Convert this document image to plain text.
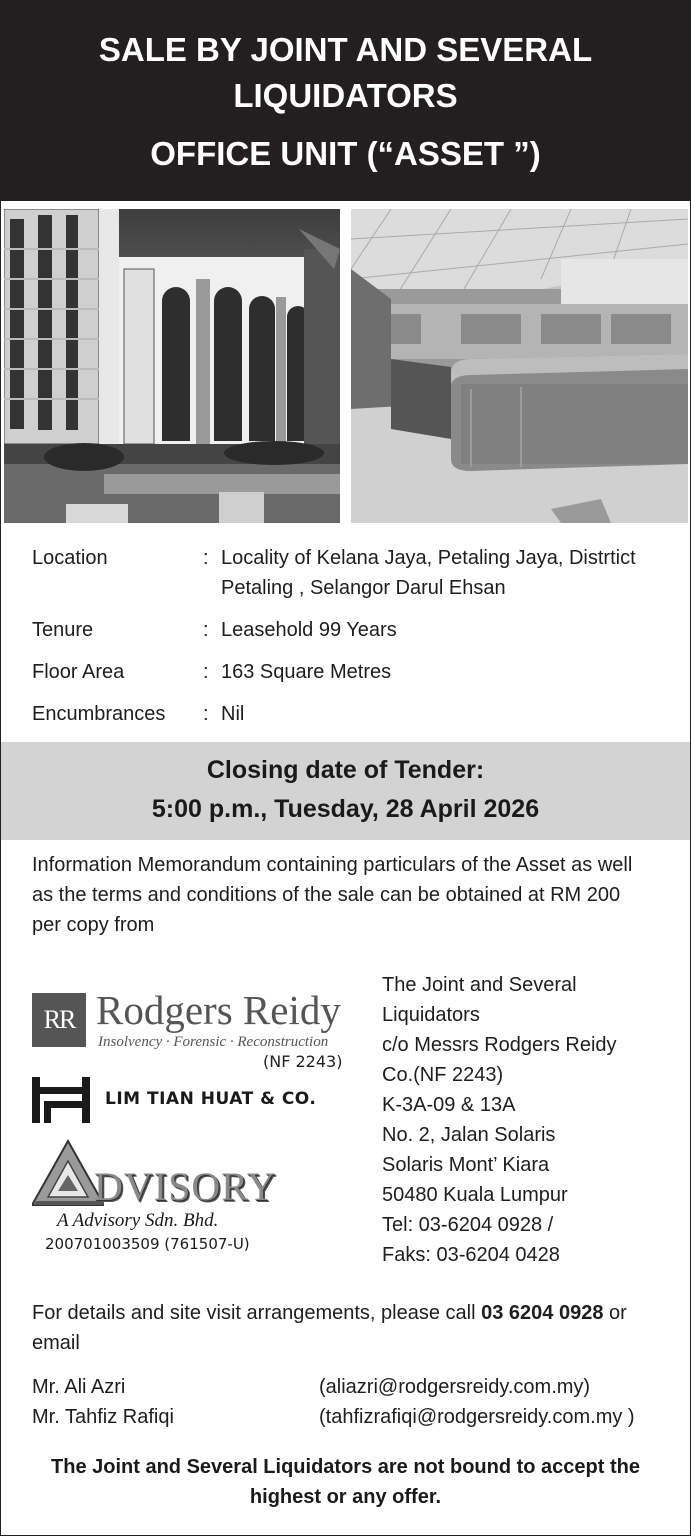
SALE BY JOINT AND SEVERAL
LIQUIDATORS
OFFICE UNIT (“ASSET ”)
Location	: Locality of Kelana Jaya, Petaling Jaya, Distrtict
Petaling , Selangor Darul Ehsan
Tenure	: Leasehold 99 Years
Floor Area	: 163 Square Metres
Encumbrances : Nil
Closing date of Tender:
5:00 p.m., Tuesday, 28 April 2026
Information Memorandum containing particulars of the Asset as well
as the terms and conditions of the sale can be obtained at RM 200
per copy from
RR Rodgers Reidy
Insolvency · Forensic · Reconstruction
(NF 2243)
LIM TIAN HUAT & CO.
DVISORY
A Advisory Sdn. Bhd.
200701003509 (761507-U)
The Joint and Several
Liquidators
c/o Messrs Rodgers Reidy
Co.(NF 2243)
K-3A-09 & 13A
No. 2, Jalan Solaris
Solaris Mont’ Kiara
50480 Kuala Lumpur
Tel: 03-6204 0928 /
Faks: 03-6204 0428
For details and site visit arrangements, please call 03 6204 0928 or
email
Mr. Ali Azri	(aliazri@rodgersreidy.com.my)
Mr. Tahfiz Rafiqi	(tahfizrafiqi@rodgersreidy.com.my )
The Joint and Several Liquidators are not bound to accept the
highest or any offer.
